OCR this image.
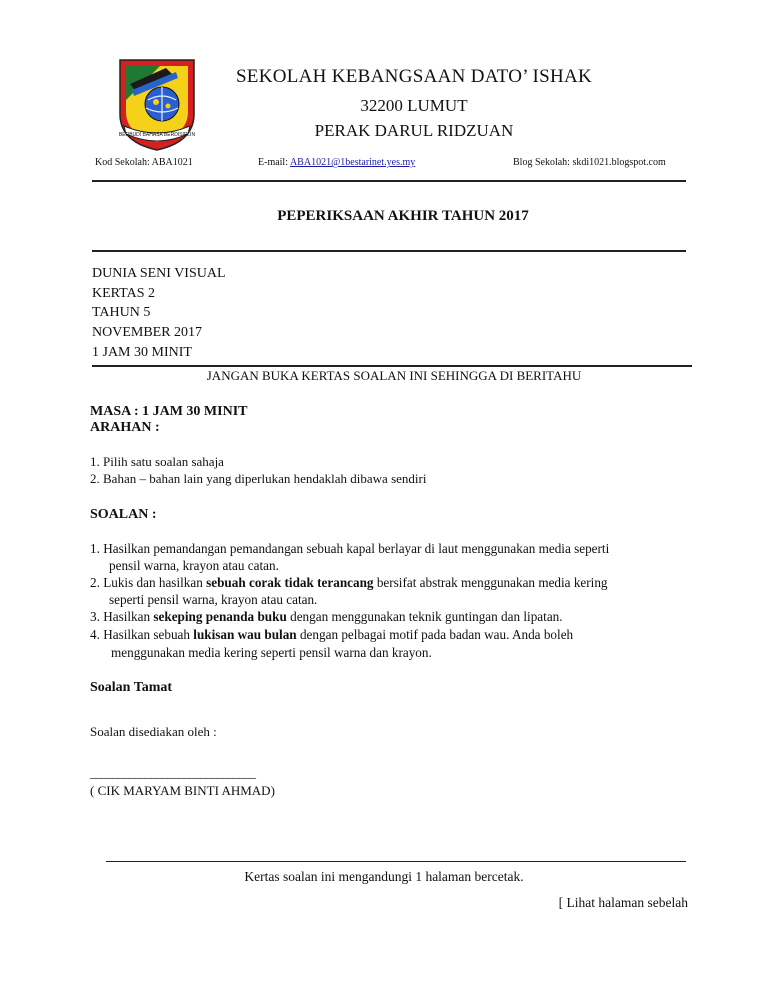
BERBUDI BAHASA BERDISIPLIN
SEKOLAH KEBANGSAAN DATO’ ISHAK
32200 LUMUT
PERAK DARUL RIDZUAN
Kod Sekolah: ABA1021	E-mail: ABA1021@1bestarinet.yes.my	Blog Sekolah: skdi1021.blogspot.com
PEPERIKSAAN AKHIR TAHUN 2017
DUNIA SENI VISUAL
KERTAS 2
TAHUN 5
NOVEMBER 2017
1 JAM 30 MINIT
JANGAN BUKA KERTAS SOALAN INI SEHINGGA DI BERITAHU
MASA : 1 JAM 30 MINIT
ARAHAN :
1. Pilih satu soalan sahaja
2. Bahan – bahan lain yang diperlukan hendaklah dibawa sendiri
SOALAN :
1. Hasilkan pemandangan pemandangan sebuah kapal berlayar di laut menggunakan media seperti
pensil warna, krayon atau catan.
2. Lukis dan hasilkan sebuah corak tidak terancang bersifat abstrak menggunakan media kering
seperti pensil warna, krayon atau catan.
3. Hasilkan sekeping penanda buku dengan menggunakan teknik guntingan dan lipatan.
4. Hasilkan sebuah lukisan wau bulan dengan pelbagai motif pada badan wau. Anda boleh
menggunakan media kering seperti pensil warna dan krayon.
Soalan Tamat
Soalan disediakan oleh :
______________________________
( CIK MARYAM BINTI AHMAD)
Kertas soalan ini mengandungi 1 halaman bercetak.
[ Lihat halaman sebelah
